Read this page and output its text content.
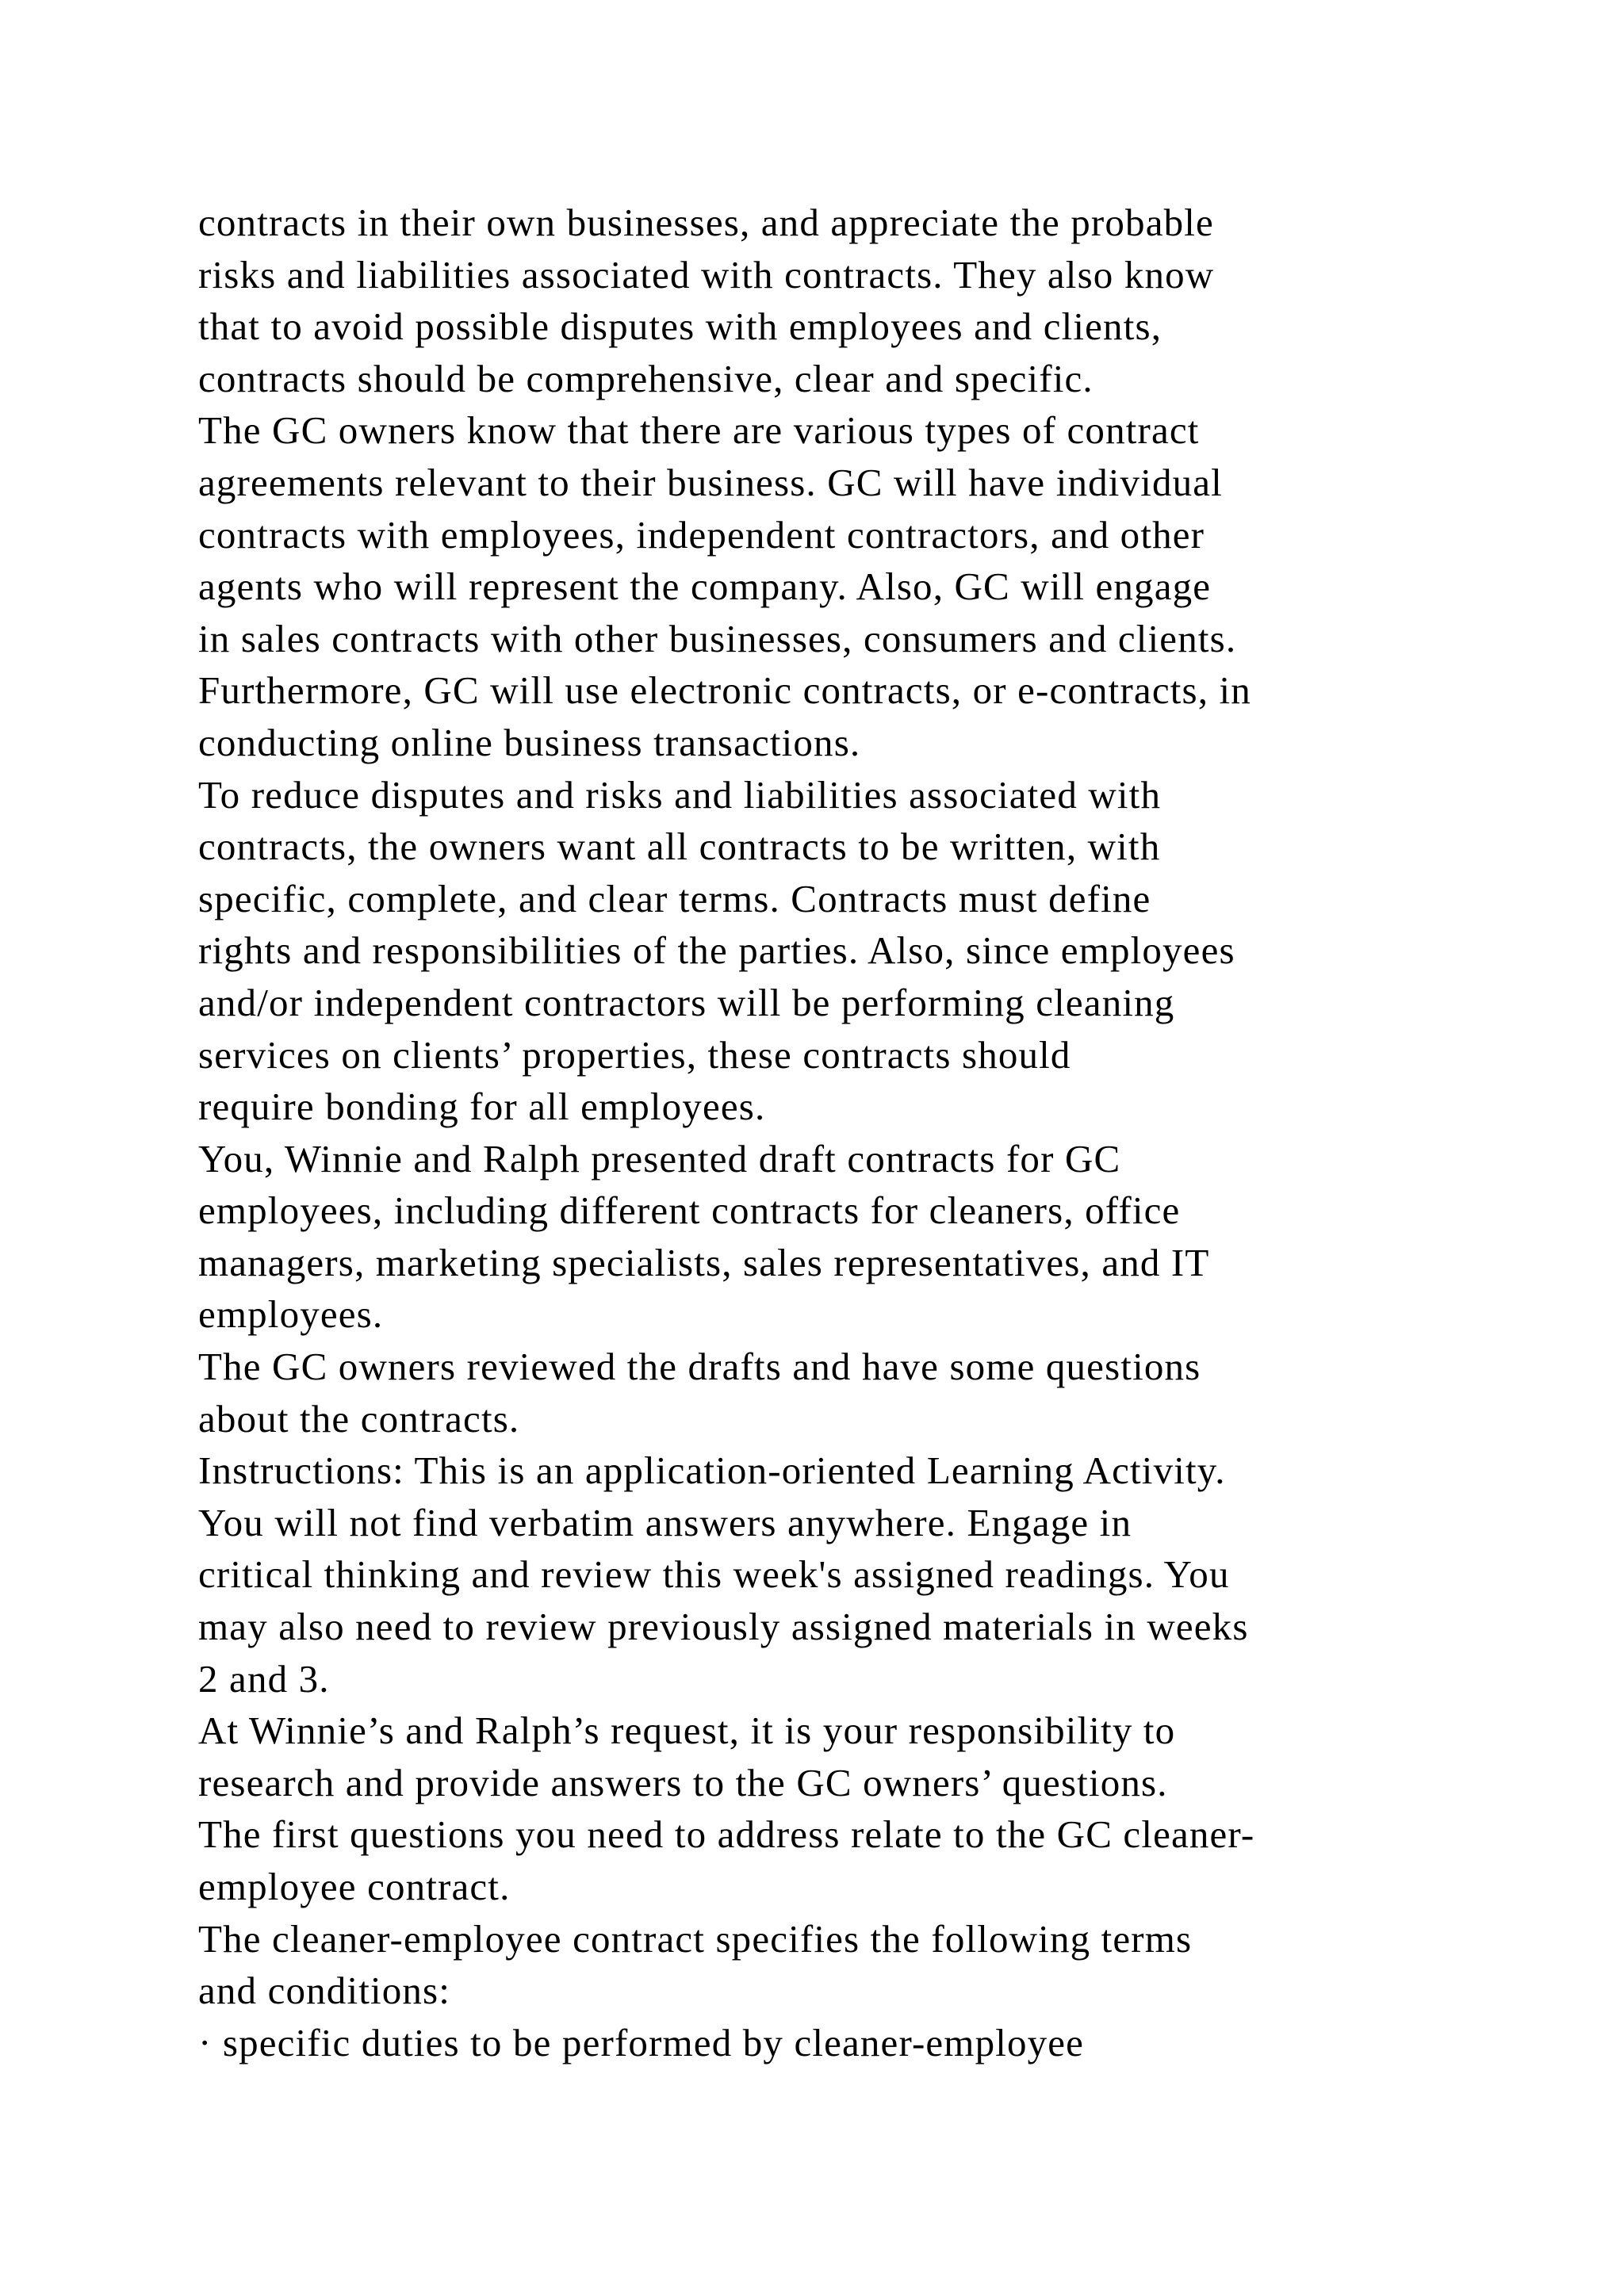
contracts in their own businesses, and appreciate the probable
risks and liabilities associated with contracts. They also know
that to avoid possible disputes with employees and clients,
contracts should be comprehensive, clear and specific.
The GC owners know that there are various types of contract
agreements relevant to their business. GC will have individual
contracts with employees, independent contractors, and other
agents who will represent the company. Also, GC will engage
in sales contracts with other businesses, consumers and clients.
Furthermore, GC will use electronic contracts, or e-contracts, in
conducting online business transactions.
To reduce disputes and risks and liabilities associated with
contracts, the owners want all contracts to be written, with
specific, complete, and clear terms. Contracts must define
rights and responsibilities of the parties. Also, since employees
and/or independent contractors will be performing cleaning
services on clients’ properties, these contracts should
require bonding for all employees.
You, Winnie and Ralph presented draft contracts for GC
employees, including different contracts for cleaners, office
managers, marketing specialists, sales representatives, and IT
employees.
The GC owners reviewed the drafts and have some questions
about the contracts.
Instructions: This is an application-oriented Learning Activity.
You will not find verbatim answers anywhere. Engage in
critical thinking and review this week's assigned readings. You
may also need to review previously assigned materials in weeks
2 and 3.
At Winnie’s and Ralph’s request, it is your responsibility to
research and provide answers to the GC owners’ questions.
The first questions you need to address relate to the GC cleaner-
employee contract.
The cleaner-employee contract specifies the following terms
and conditions:
· specific duties to be performed by cleaner-employee
